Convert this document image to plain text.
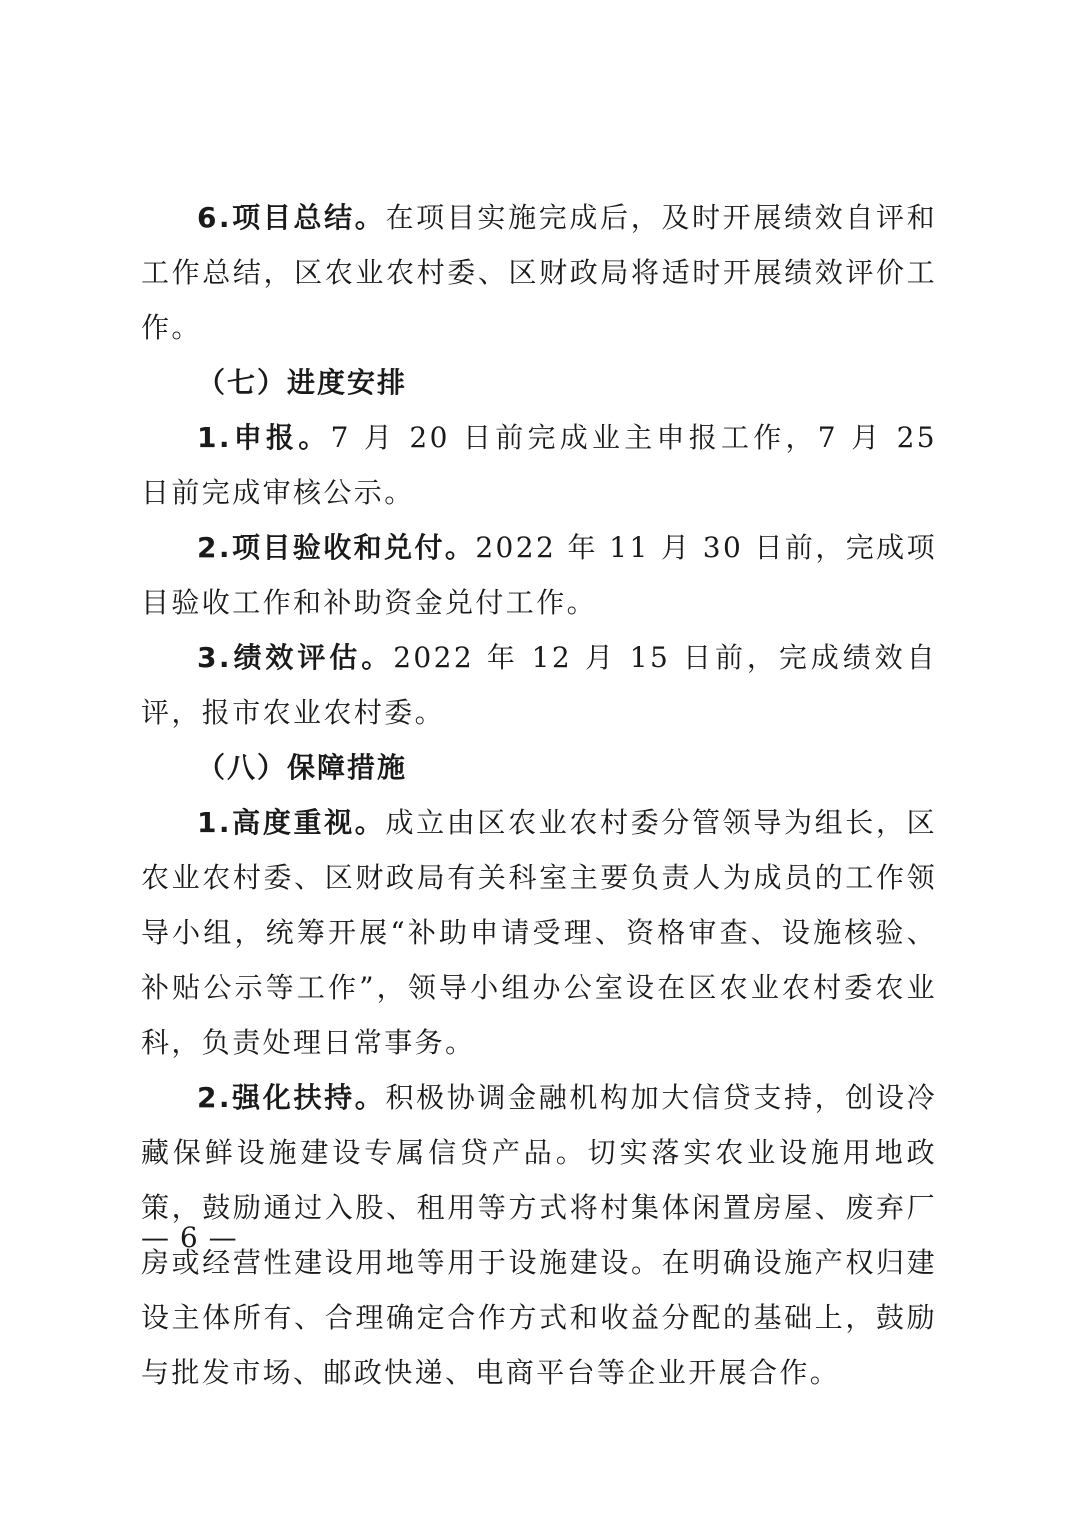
6.项目总结。在项目实施完成后，及时开展绩效自评和工作总结，区农业农村委、区财政局将适时开展绩效评价工作。

（七）进度安排

1.申报。7 月 20 日前完成业主申报工作，7 月 25 日前完成审核公示。

2.项目验收和兑付。2022 年 11 月 30 日前，完成项目验收工作和补助资金兑付工作。

3.绩效评估。2022 年 12 月 15 日前，完成绩效自评，报市农业农村委。

（八）保障措施

1.高度重视。成立由区农业农村委分管领导为组长，区农业农村委、区财政局有关科室主要负责人为成员的工作领导小组，统筹开展“补助申请受理、资格审查、设施核验、补贴公示等工作”，领导小组办公室设在区农业农村委农业科，负责处理日常事务。

2.强化扶持。积极协调金融机构加大信贷支持，创设冷藏保鲜设施建设专属信贷产品。切实落实农业设施用地政策，鼓励通过入股、租用等方式将村集体闲置房屋、废弃厂房或经营性建设用地等用于设施建设。在明确设施产权归建设主体所有、合理确定合作方式和收益分配的基础上，鼓励与批发市场、邮政快递、电商平台等企业开展合作。

— 6 —
